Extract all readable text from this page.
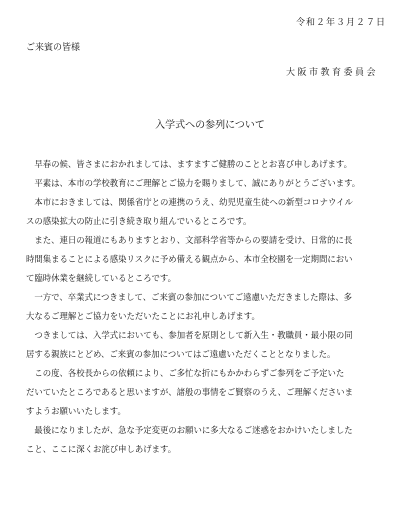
令和２年３月２７日
ご来賓の皆様
大阪市教育委員会
入学式への参列について
早春の候、皆さまにおかれましては、ますますご健勝のこととお喜び申しあげます。
平素は、本市の学校教育にご理解とご協力を賜りまして、誠にありがとうございます。
本市におきましては、関係省庁との連携のうえ、幼児児童生徒への新型コロナウイル
スの感染拡大の防止に引き続き取り組んでいるところです。
また、連日の報道にもありますとおり、文部科学省等からの要請を受け、日常的に長
時間集まることによる感染リスクに予め備える観点から、本市全校園を一定期間におい
て臨時休業を継続しているところです。
一方で、卒業式につきまして、ご来賓の参加についてご遠慮いただきました際は、多
大なるご理解とご協力をいただいたことにお礼申しあげます。
つきましては、入学式においても、参加者を原則として新入生・教職員・最小限の同
居する親族にとどめ、ご来賓の参加についてはご遠慮いただくこととなりました。
この度、各校長からの依頼により、ご多忙な折にもかかわらずご参列をご予定いた
だいていたところであると思いますが、諸般の事情をご賢察のうえ、ご理解くださいま
すようお願いいたします。
最後になりましたが、急な予定変更のお願いに多大なるご迷惑をおかけいたしました
こと、ここに深くお詫び申しあげます。
